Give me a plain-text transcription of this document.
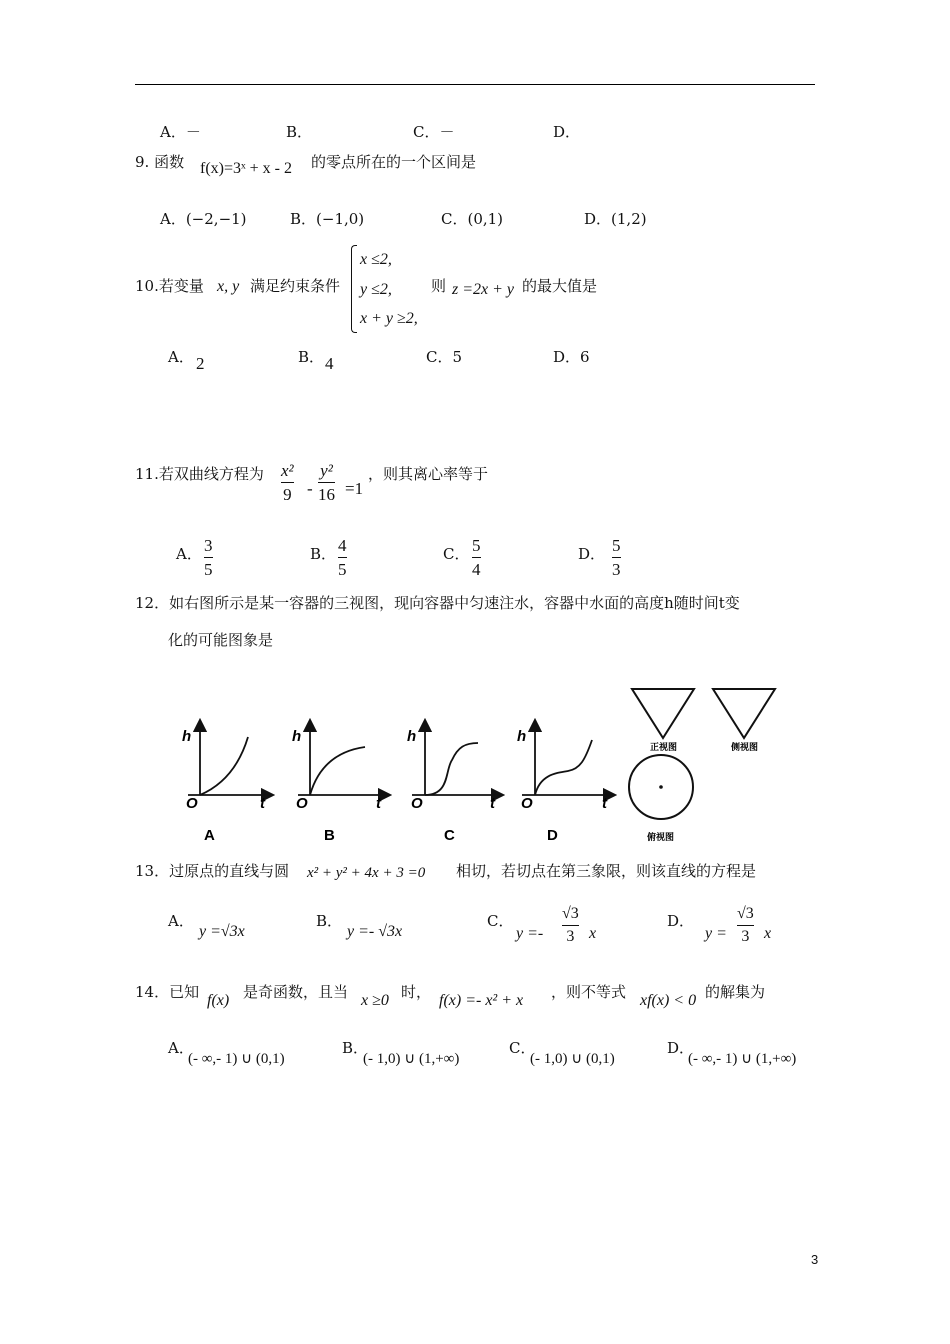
A．－	B．	C．－	D．
9. 函数 f(x)=3ˣ + x - 2 的零点所在的一个区间是
A．(−2,−1)	B．(−1,0)	C．(0,1)	D．(1,2)
10.若变量 x, y 满足约束条件
x ≤2,
y ≤2,
x + y ≥2,
则 z =2x + y 的最大值是
A． 2	B． 4	C．5	D．6
11.若双曲线方程为 x²
9 -
y²
16 =1
，则其离心率等于
A． 3
5
B． 4
5
C． 5
4
D． 5
3
12．如右图所示是某一容器的三视图，现向容器中匀速注水，容器中水面的高度h随时间t变
化的可能图象是
h
t
O
A
h
t
O
B
h
t
O
C
h
t
O
D
正视图	侧视图
俯视图
13．过原点的直线与圆 x² + y² + 4x + 3 =0 相切，若切点在第三象限，则该直线的方程是
A．
y =√3x
B．
y =- √3x
C．
y =-
√3
3 x
D．
y =
√3
3 x
14．已知 f(x) 是奇函数，且当 x ≥0 时， f(x) =- x² + x ，则不等式 xf(x) < 0 的解集为
A．
(- ∞,- 1) ∪ (0,1)
B．
(- 1,0) ∪ (1,+∞)
C．
(- 1,0) ∪ (0,1)
D．
(- ∞,- 1) ∪ (1,+∞)
3
